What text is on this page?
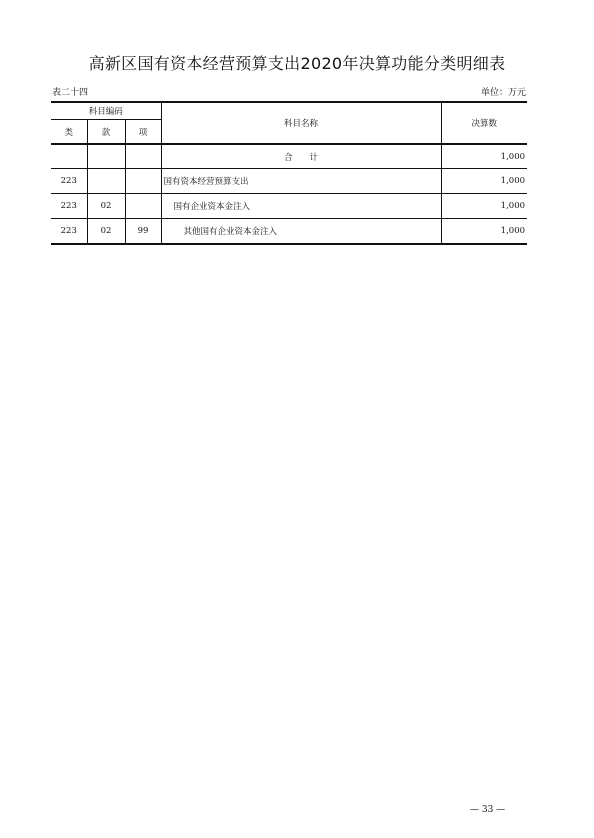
高新区国有资本经营预算支出2020年决算功能分类明细表
表二十四	单位：万元
科目编码			科目名称	决算数
类	款	项		
			合　　计	1,000
223			国有资本经营预算支出	1,000
223	02		国有企业资本金注入	1,000
223	02	99	其他国有企业资本金注入	1,000
— 33 —
